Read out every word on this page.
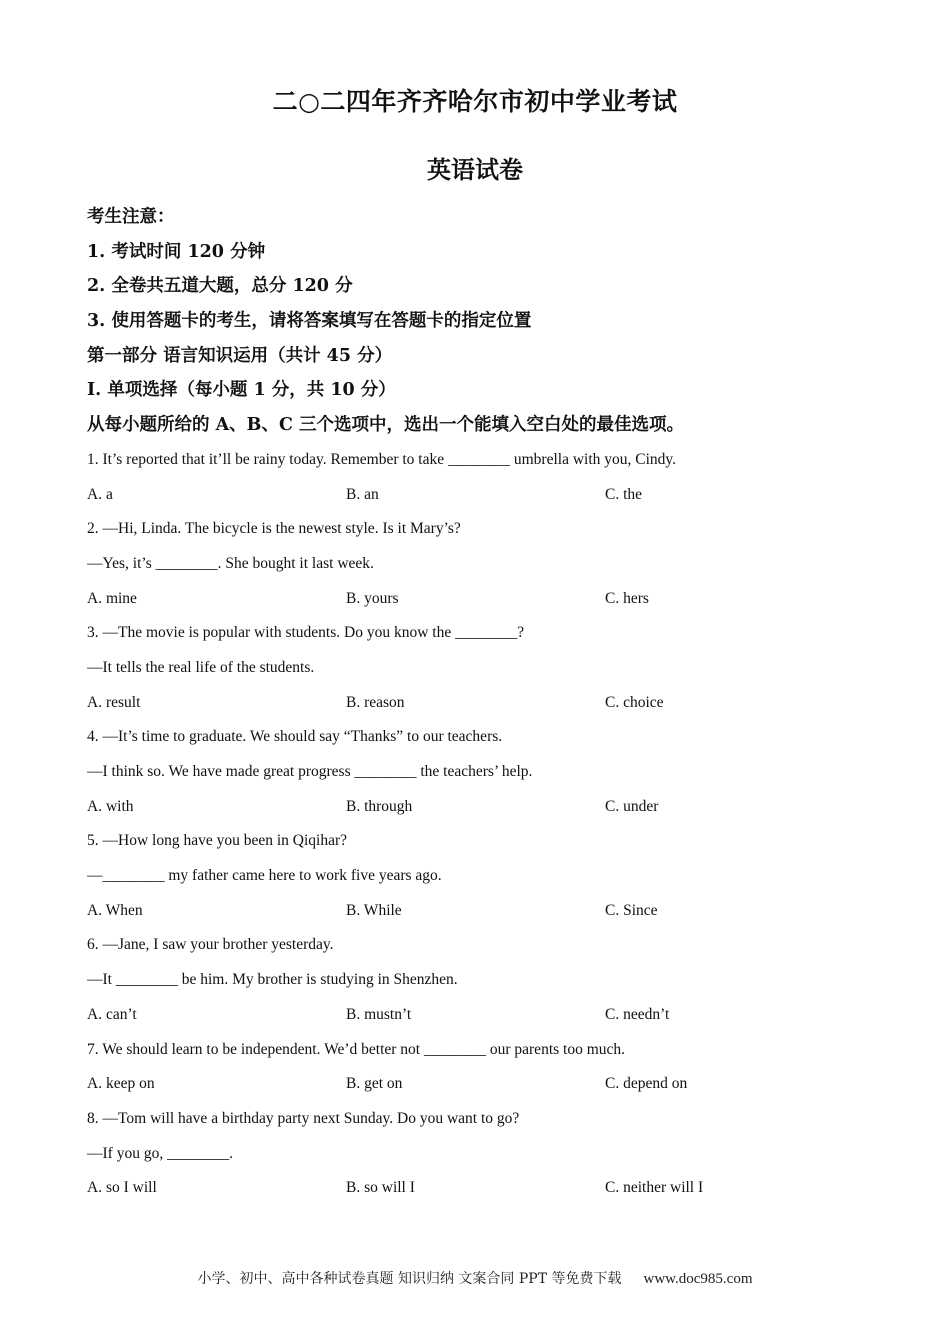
二○二四年齐齐哈尔市初中学业考试
英语试卷
考生注意：
1. 考试时间 120 分钟
2. 全卷共五道大题，总分 120 分
3. 使用答题卡的考生，请将答案填写在答题卡的指定位置
第一部分 语言知识运用（共计 45 分）
I. 单项选择（每小题 1 分，共 10 分）
从每小题所给的 A、B、C 三个选项中，选出一个能填入空白处的最佳选项。
1. It’s reported that it’ll be rainy today. Remember to take ________ umbrella with you, Cindy.
A. a	B. an	C. the
2. —Hi, Linda. The bicycle is the newest style. Is it Mary’s?
—Yes, it’s ________. She bought it last week.
A. mine	B. yours	C. hers
3. —The movie is popular with students. Do you know the ________?
—It tells the real life of the students.
A. result	B. reason	C. choice
4. —It’s time to graduate. We should say “Thanks” to our teachers.
—I think so. We have made great progress ________ the teachers’ help.
A. with	B. through	C. under
5. —How long have you been in Qiqihar?
—________ my father came here to work five years ago.
A. When	B. While	C. Since
6. —Jane, I saw your brother yesterday.
—It ________ be him. My brother is studying in Shenzhen.
A. can’t	B. mustn’t	C. needn’t
7. We should learn to be independent. We’d better not ________ our parents too much.
A. keep on	B. get on	C. depend on
8. —Tom will have a birthday party next Sunday. Do you want to go?
—If you go, ________.
A. so I will	B. so will I	C. neither will I
小学、初中、高中各种试卷真题 知识归纳 文案合同 PPT 等免费下载 www.doc985.com
